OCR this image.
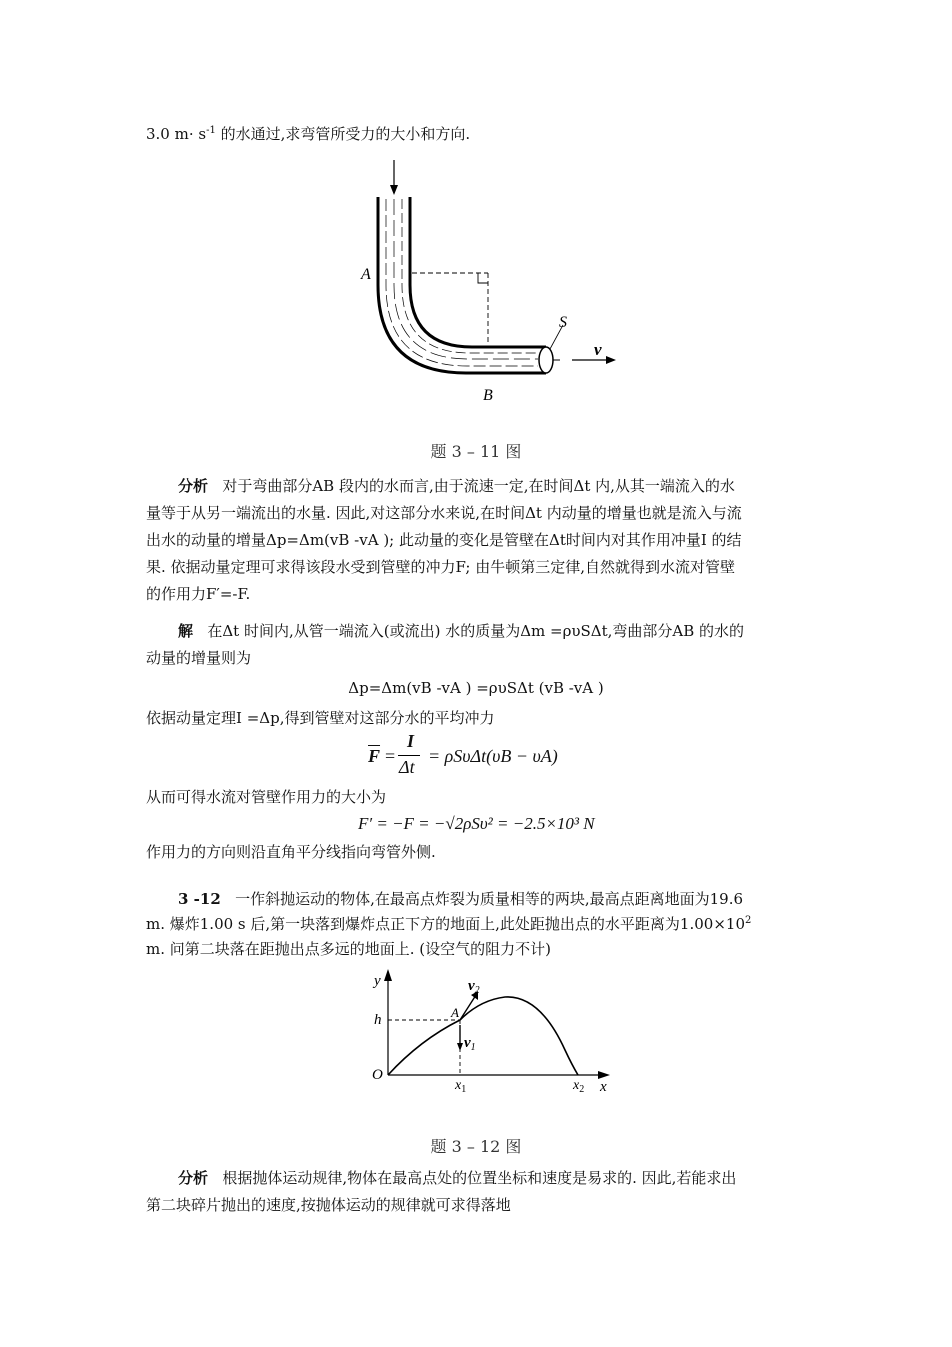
3.0 $m\cdot s^{-1}$ 的水通过,求弯管所受力的大小和方向.
A
B
S
v
题 3 – 11 图
分析 对于弯曲部分AB 段内的水而言,由于流速一定,在时间Δt 内,从其一端流入的水
量等于从另一端流出的水量. 因此,对这部分水来说,在时间Δt 内动量的增量也就是流入与流
出水的动量的增量Δp=Δm(vB -vA ); 此动量的变化是管壁在Δt时间内对其作用冲量I 的结
果. 依据动量定理可求得该段水受到管壁的冲力F; 由牛顿第三定律,自然就得到水流对管壁
的作用力F′=-F.
解 在Δt 时间内,从管一端流入(或流出) 水的质量为Δm =ρυSΔt,弯曲部分AB 的水的
动量的增量则为
Δp=Δm(vB -vA ) =ρυSΔt (vB -vA )
依据动量定理I =Δp,得到管壁对这部分水的平均冲力
$\overline{F}$ =
I
Δt
= ρSυΔt(υB − υA)
从而可得水流对管壁作用力的大小为
F′ = −F = −√2ρSυ² = −2.5×10³ N
作用力的方向则沿直角平分线指向弯管外侧.
3 -12 一作斜抛运动的物体,在最高点炸裂为质量相等的两块,最高点距离地面为19.6
m. 爆炸1.00 s 后,第一块落到爆炸点正下方的地面上,此处距抛出点的水平距离为$1.00\times 10^2$
m. 问第二块落在距抛出点多远的地面上. (设空气的阻力不计)
y
x
O
h	A
$v_1$
$v_2$
$x_1$	$x_2$
题 3 – 12 图
分析 根据抛体运动规律,物体在最高点处的位置坐标和速度是易求的. 因此,若能求出
第二块碎片抛出的速度,按抛体运动的规律就可求得落地
